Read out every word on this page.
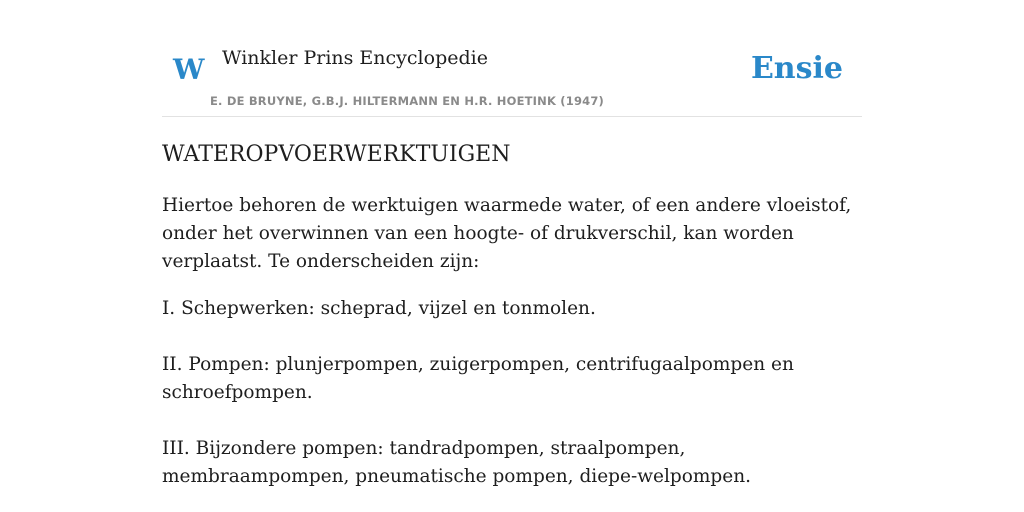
W Winkler Prins Encyclopedie
E. DE BRUYNE, G.B.J. HILTERMANN EN H.R. HOETINK (1947)
Ensie
WATEROPVOERWERKTUIGEN

Hiertoe behoren de werktuigen waarmede water, of een andere vloeistof, onder het overwinnen van een hoogte- of drukverschil, kan worden verplaatst. Te onderscheiden zijn:

I. Schepwerken: scheprad, vijzel en tonmolen.

II. Pompen: plunjerpompen, zuigerpompen, centrifugaalpompen en schroefpompen.

III. Bijzondere pompen: tandradpompen, straalpompen, membraampompen, pneumatische pompen, diepe-welpompen.
